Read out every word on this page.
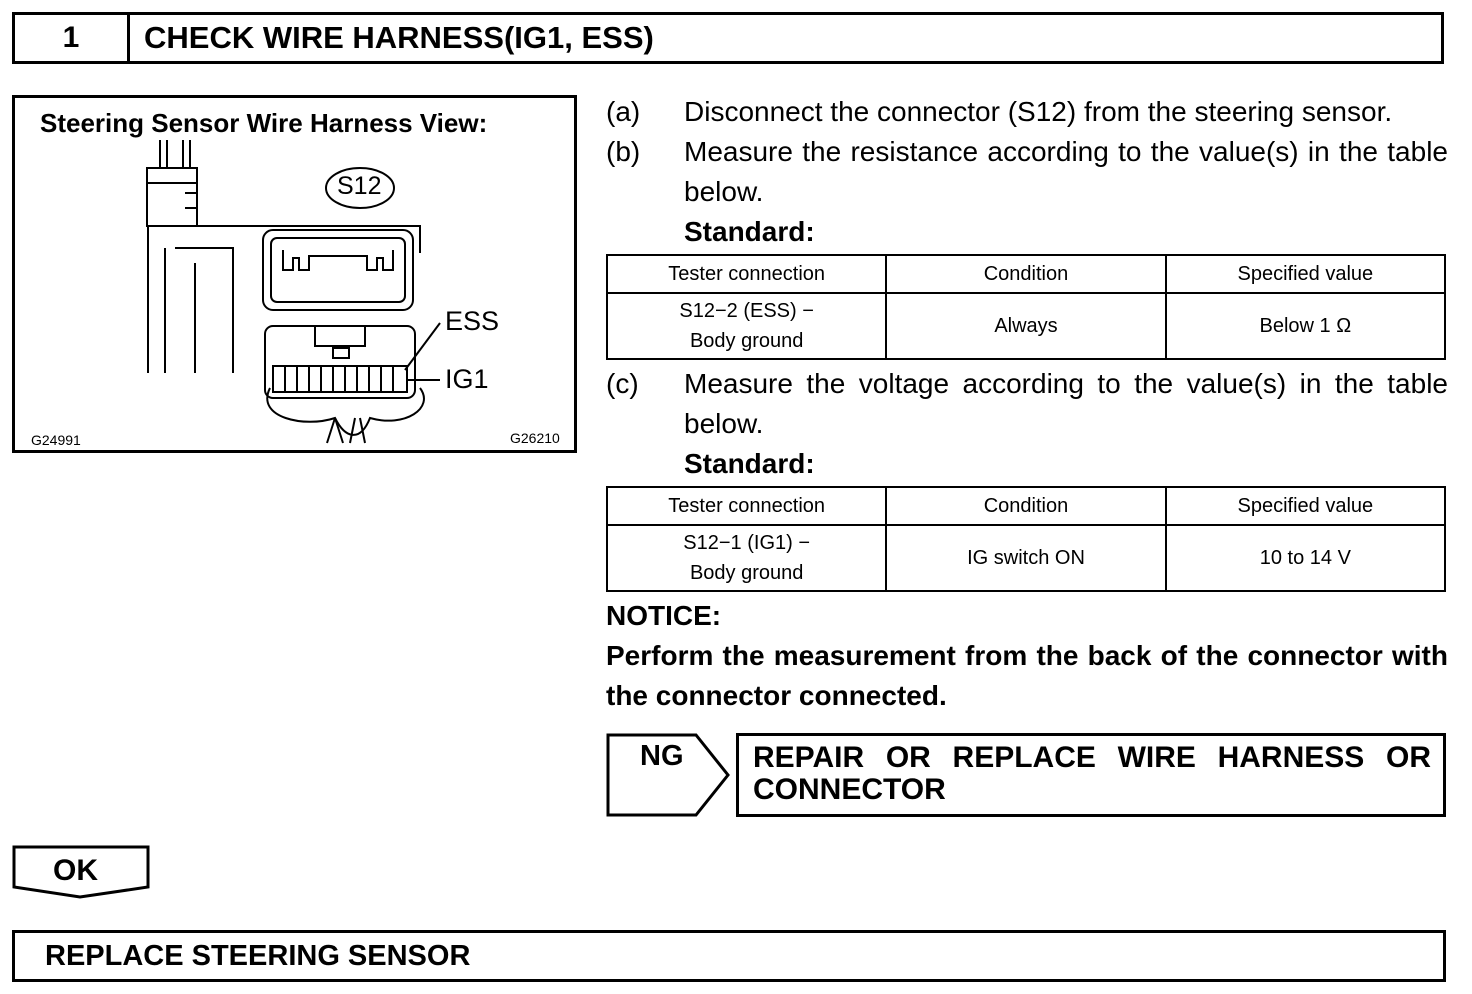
1	CHECK WIRE HARNESS(IG1, ESS)
Steering Sensor Wire Harness View:
S12
ESS
IG1
G24991	G26210
(a)	Disconnect the connector (S12) from the steering sensor.
(b)	Measure the resistance according to the value(s) in the table below.
Standard:
Tester connection	Condition	Specified value

S12−2 (ESS) −
Body ground	Always	Below 1 Ω
(c)	Measure the voltage according to the value(s) in the table below.
Standard:
Tester connection	Condition	Specified value

S12−1 (IG1) −
Body ground	IG switch ON	10 to 14 V
NOTICE:
Perform the measurement from the back of the connector with the connector connected.
NG REPAIR OR REPLACE WIRE HARNESS OR
CONNECTOR
OK
REPLACE STEERING SENSOR
